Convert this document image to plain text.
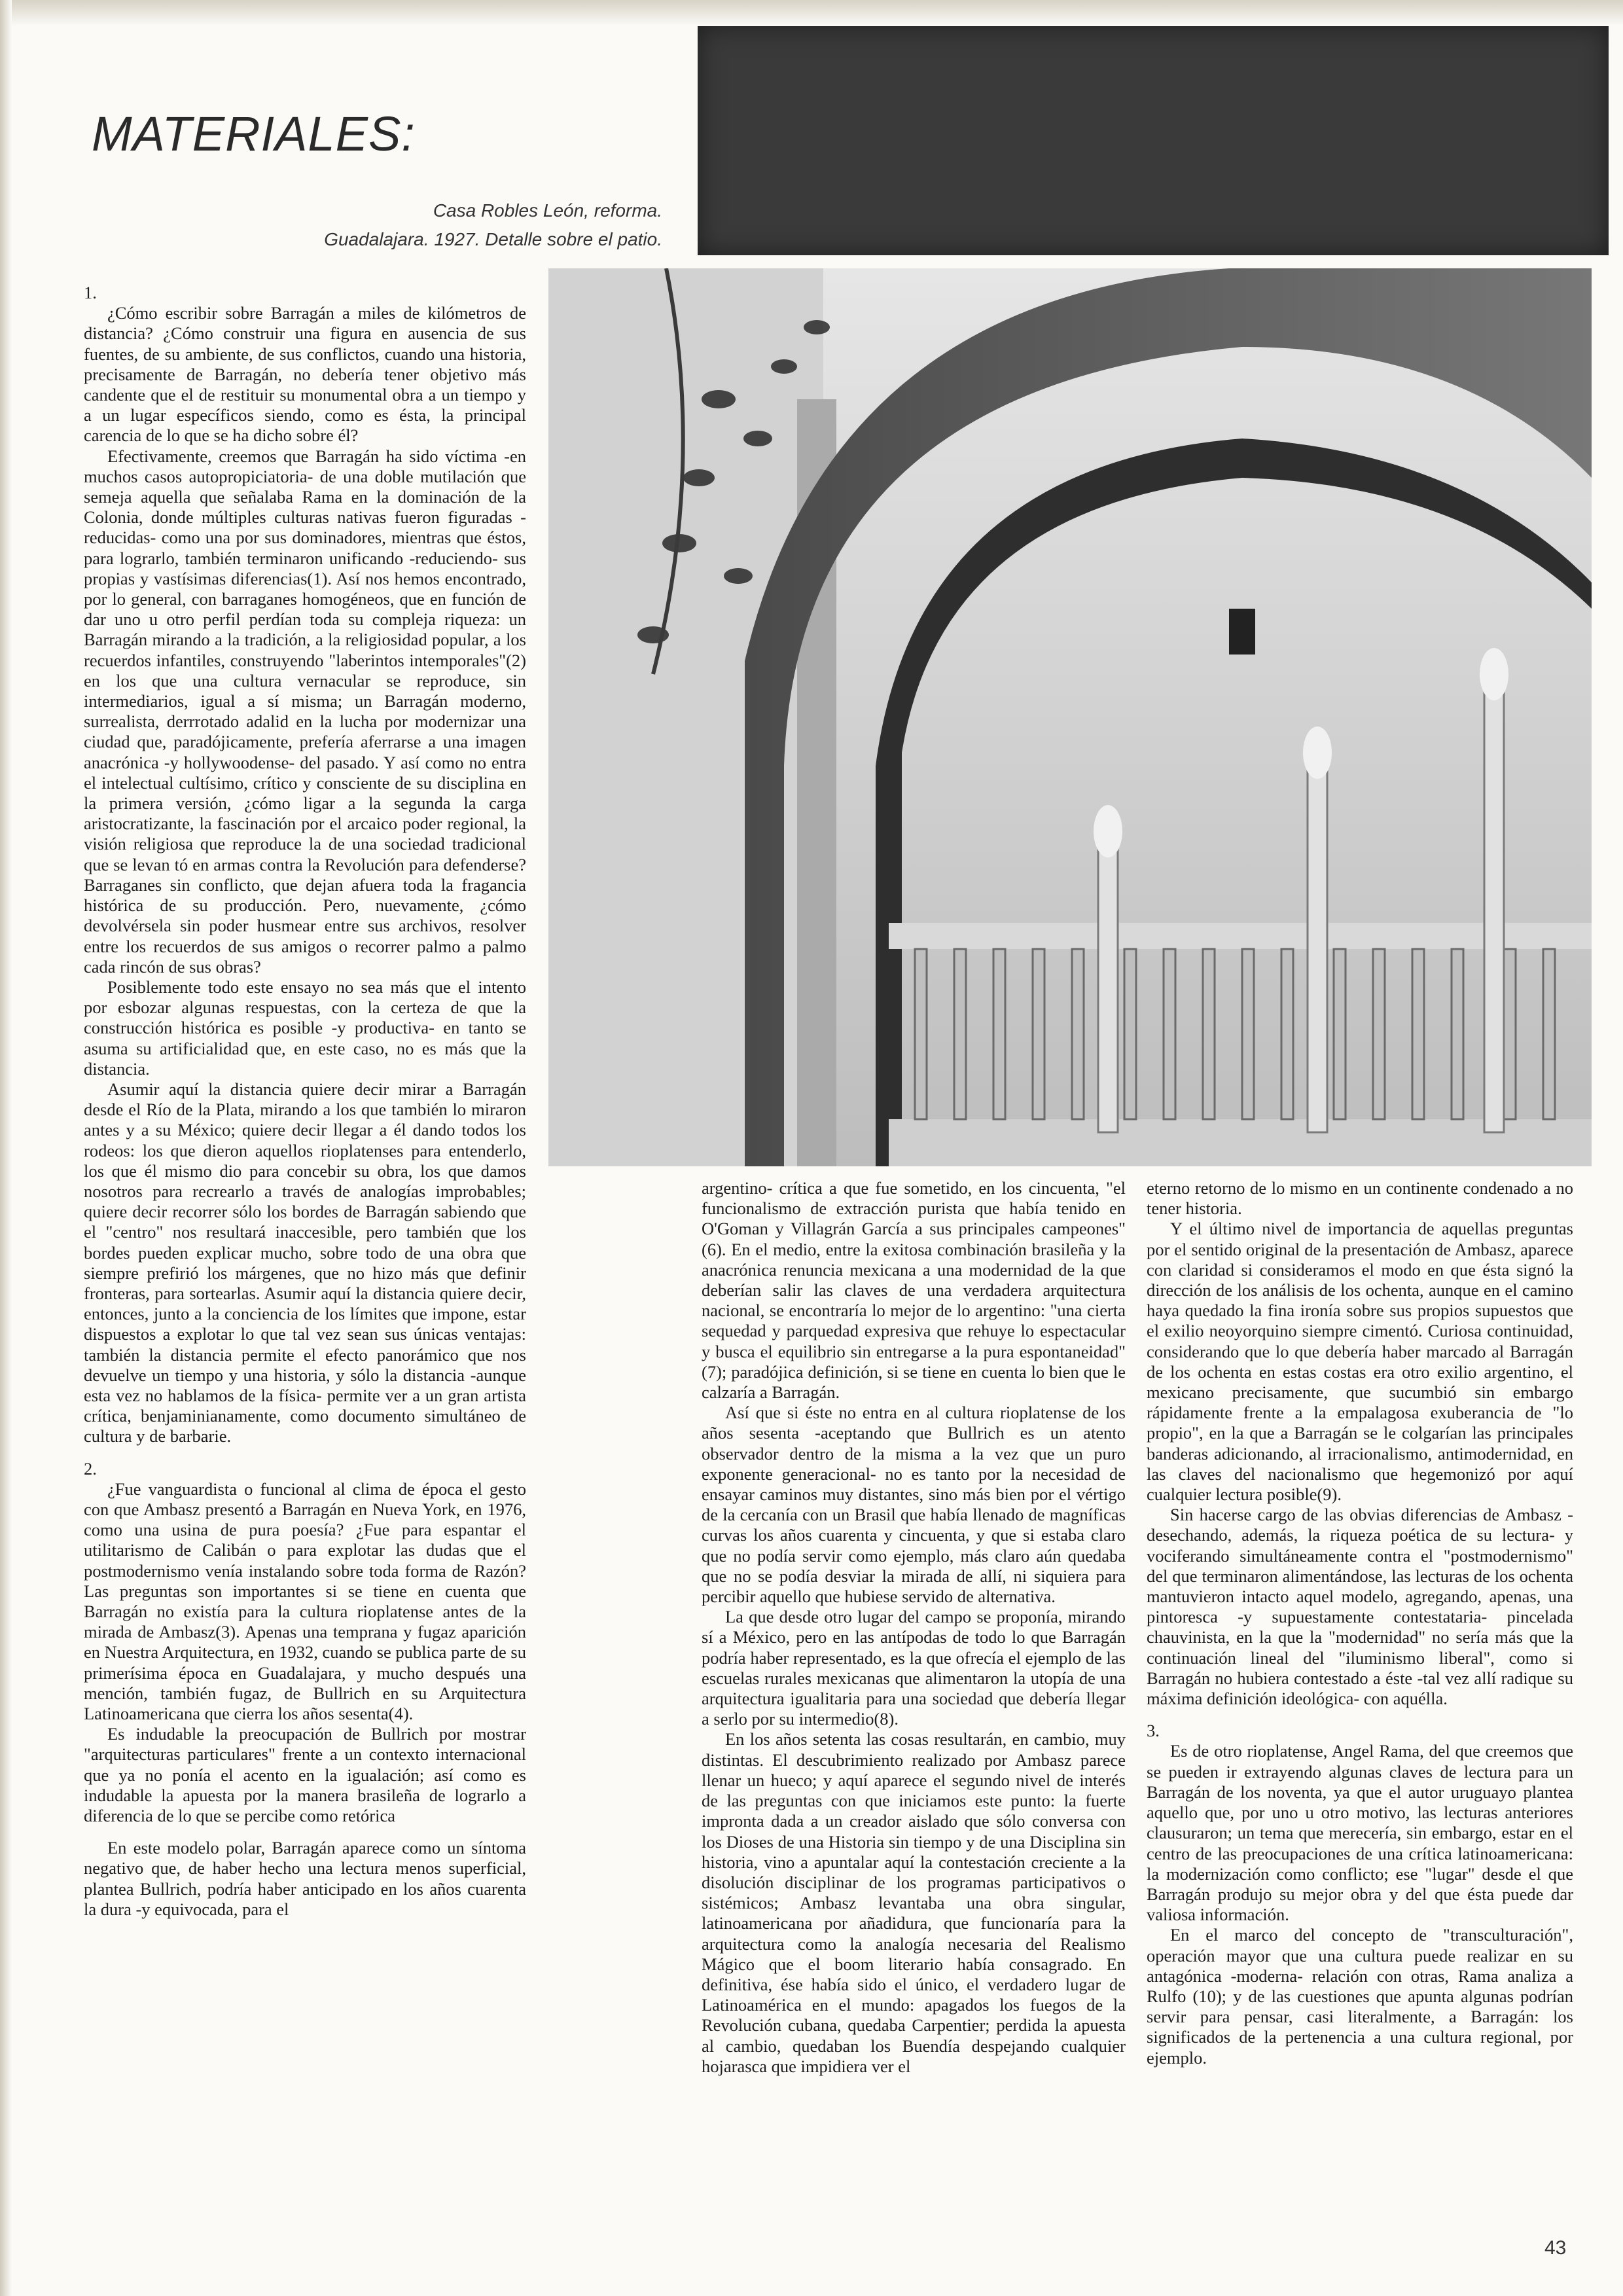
MATERIALES:
Casa Robles León, reforma.
Guadalajara. 1927. Detalle sobre el patio.

1.

¿Cómo escribir sobre Barragán a miles de kilómetros de distancia? ¿Cómo construir una figura en ausencia de sus fuentes, de su ambiente, de sus conflictos, cuando una historia, precisamente de Barragán, no debería tener objetivo más candente que el de restituir su monumental obra a un tiempo y a un lugar específicos siendo, como es ésta, la principal carencia de lo que se ha dicho sobre él?

Efectivamente, creemos que Barragán ha sido víctima -en muchos casos autopropiciatoria- de una doble mutilación que semeja aquella que señalaba Rama en la dominación de la Colonia, donde múltiples culturas nativas fueron figuradas -reducidas- como una por sus dominadores, mientras que éstos, para lograrlo, también terminaron unificando -reduciendo- sus propias y vastísimas diferencias(1). Así nos hemos encontrado, por lo general, con barraganes homogéneos, que en función de dar uno u otro perfil perdían toda su compleja riqueza: un Barragán mirando a la tradición, a la religiosidad popular, a los recuerdos infantiles, construyendo "laberintos intemporales"(2) en los que una cultura vernacular se reproduce, sin intermediarios, igual a sí misma; un Barragán moderno, surrealista, derrrotado adalid en la lucha por modernizar una ciudad que, paradójicamente, prefería aferrarse a una imagen anacrónica -y hollywoodense- del pasado. Y así como no entra el intelectual cultísimo, crítico y consciente de su disciplina en la primera versión, ¿cómo ligar a la segunda la carga aristocratizante, la fascinación por el arcaico poder regional, la visión religiosa que reproduce la de una sociedad tradicional que se levan tó en armas contra la Revolución para defenderse? Barraganes sin conflicto, que dejan afuera toda la fragancia histórica de su producción. Pero, nuevamente, ¿cómo devolvérsela sin poder husmear entre sus archivos, resolver entre los recuerdos de sus amigos o recorrer palmo a palmo cada rincón de sus obras?

Posiblemente todo este ensayo no sea más que el intento por esbozar algunas respuestas, con la certeza de que la construcción histórica es posible -y productiva- en tanto se asuma su artificialidad que, en este caso, no es más que la distancia.

Asumir aquí la distancia quiere decir mirar a Barragán desde el Río de la Plata, mirando a los que también lo miraron antes y a su México; quiere decir llegar a él dando todos los rodeos: los que dieron aquellos rioplatenses para entenderlo, los que él mismo dio para concebir su obra, los que damos nosotros para recrearlo a través de analogías improbables; quiere decir recorrer sólo los bordes de Barragán sabiendo que el "centro" nos resultará inaccesible, pero también que los bordes pueden explicar mucho, sobre todo de una obra que siempre prefirió los márgenes, que no hizo más que definir fronteras, para sortearlas. Asumir aquí la distancia quiere decir, entonces, junto a la conciencia de los límites que impone, estar dispuestos a explotar lo que tal vez sean sus únicas ventajas: también la distancia permite el efecto panorámico que nos devuelve un tiempo y una historia, y sólo la distancia -aunque esta vez no hablamos de la física- permite ver a un gran artista crítica, benjaminianamente, como documento simultáneo de cultura y de barbarie.

2.

¿Fue vanguardista o funcional al clima de época el gesto con que Ambasz presentó a Barragán en Nueva York, en 1976, como una usina de pura poesía? ¿Fue para espantar el utilitarismo de Calibán o para explotar las dudas que el postmodernismo venía instalando sobre toda forma de Razón? Las preguntas son importantes si se tiene en cuenta que Barragán no existía para la cultura rioplatense antes de la mirada de Ambasz(3). Apenas una temprana y fugaz aparición en Nuestra Arquitectura, en 1932, cuando se publica parte de su primerísima época en Guadalajara, y mucho después una mención, también fugaz, de Bullrich en su Arquitectura Latinoamericana que cierra los años sesenta(4).

Es indudable la preocupación de Bullrich por mostrar "arquitecturas particulares" frente a un contexto internacional que ya no ponía el acento en la igualación; así como es indudable la apuesta por la manera brasileña de lograrlo a diferencia de lo que se percibe como retórica

En este modelo polar, Barragán aparece como un síntoma negativo que, de haber hecho una lectura menos superficial, plantea Bullrich, podría haber anticipado en los años cuarenta la dura -y equivocada, para el

argentino- crítica a que fue sometido, en los cincuenta, "el funcionalismo de extracción purista que había tenido en O'Goman y Villagrán García a sus principales campeones"(6). En el medio, entre la exitosa combinación brasileña y la anacrónica renuncia mexicana a una modernidad de la que deberían salir las claves de una verdadera arquitectura nacional, se encontraría lo mejor de lo argentino: "una cierta sequedad y parquedad expresiva que rehuye lo espectacular y busca el equilibrio sin entregarse a la pura espontaneidad"(7); paradójica definición, si se tiene en cuenta lo bien que le calzaría a Barragán.

Así que si éste no entra en al cultura rioplatense de los años sesenta -aceptando que Bullrich es un atento observador dentro de la misma a la vez que un puro exponente generacional- no es tanto por la necesidad de ensayar caminos muy distantes, sino más bien por el vértigo de la cercanía con un Brasil que había llenado de magníficas curvas los años cuarenta y cincuenta, y que si estaba claro que no podía servir como ejemplo, más claro aún quedaba que no se podía desviar la mirada de allí, ni siquiera para percibir aquello que hubiese servido de alternativa.

La que desde otro lugar del campo se proponía, mirando sí a México, pero en las antípodas de todo lo que Barragán podría haber representado, es la que ofrecía el ejemplo de las escuelas rurales mexicanas que alimentaron la utopía de una arquitectura igualitaria para una sociedad que debería llegar a serlo por su intermedio(8).

En los años setenta las cosas resultarán, en cambio, muy distintas. El descubrimiento realizado por Ambasz parece llenar un hueco; y aquí aparece el segundo nivel de interés de las preguntas con que iniciamos este punto: la fuerte impronta dada a un creador aislado que sólo conversa con los Dioses de una Historia sin tiempo y de una Disciplina sin historia, vino a apuntalar aquí la contestación creciente a la disolución disciplinar de los programas participativos o sistémicos; Ambasz levantaba una obra singular, latinoamericana por añadidura, que funcionaría para la arquitectura como la analogía necesaria del Realismo Mágico que el boom literario había consagrado. En definitiva, ése había sido el único, el verdadero lugar de Latinoamérica en el mundo: apagados los fuegos de la Revolución cubana, quedaba Carpentier; perdida la apuesta al cambio, quedaban los Buendía despejando cualquier hojarasca que impidiera ver el

eterno retorno de lo mismo en un continente condenado a no tener historia.

Y el último nivel de importancia de aquellas preguntas por el sentido original de la presentación de Ambasz, aparece con claridad si consideramos el modo en que ésta signó la dirección de los análisis de los ochenta, aunque en el camino haya quedado la fina ironía sobre sus propios supuestos que el exilio neoyorquino siempre cimentó. Curiosa continuidad, considerando que lo que debería haber marcado al Barragán de los ochenta en estas costas era otro exilio argentino, el mexicano precisamente, que sucumbió sin embargo rápidamente frente a la empalagosa exuberancia de "lo propio", en la que a Barragán se le colgarían las principales banderas adicionando, al irracionalismo, antimodernidad, en las claves del nacionalismo que hegemonizó por aquí cualquier lectura posible(9).

Sin hacerse cargo de las obvias diferencias de Ambasz -desechando, además, la riqueza poética de su lectura- y vociferando simultáneamente contra el "postmodernismo" del que terminaron alimentándose, las lecturas de los ochenta mantuvieron intacto aquel modelo, agregando, apenas, una pintoresca -y supuestamente contestataria- pincelada chauvinista, en la que la "modernidad" no sería más que la continuación lineal del "iluminismo liberal", como si Barragán no hubiera contestado a éste -tal vez allí radique su máxima definición ideológica- con aquélla.

3.

Es de otro rioplatense, Angel Rama, del que creemos que se pueden ir extrayendo algunas claves de lectura para un Barragán de los noventa, ya que el autor uruguayo plantea aquello que, por uno u otro motivo, las lecturas anteriores clausuraron; un tema que merecería, sin embargo, estar en el centro de las preocupaciones de una crítica latinoamericana: la modernización como conflicto; ese "lugar" desde el que Barragán produjo su mejor obra y del que ésta puede dar valiosa información.

En el marco del concepto de "transculturación", operación mayor que una cultura puede realizar en su antagónica -moderna- relación con otras, Rama analiza a Rulfo (10); y de las cuestiones que apunta algunas podrían servir para pensar, casi literalmente, a Barragán: los significados de la pertenencia a una cultura regional, por ejemplo.

43
